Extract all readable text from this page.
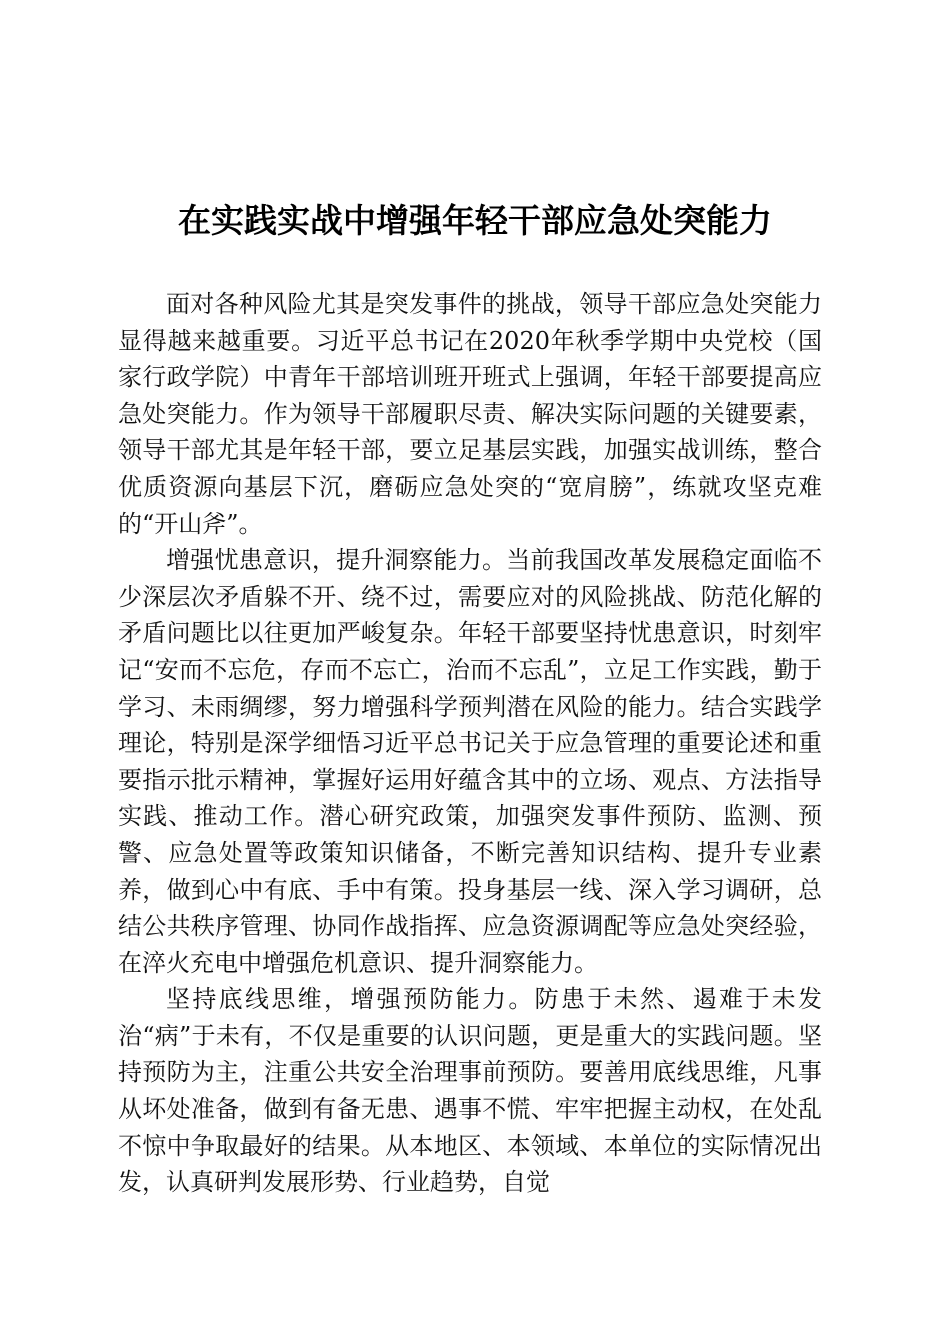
在实践实战中增强年轻干部应急处突能力

面对各种风险尤其是突发事件的挑战，领导干部应急处突能力显得越来越重要。习近平总书记在2020年秋季学期中央党校（国家行政学院）中青年干部培训班开班式上强调，年轻干部要提高应急处突能力。作为领导干部履职尽责、解决实际问题的关键要素，领导干部尤其是年轻干部，要立足基层实践，加强实战训练，整合优质资源向基层下沉，磨砺应急处突的“宽肩膀”，练就攻坚克难的“开山斧”。

增强忧患意识，提升洞察能力。当前我国改革发展稳定面临不少深层次矛盾躲不开、绕不过，需要应对的风险挑战、防范化解的矛盾问题比以往更加严峻复杂。年轻干部要坚持忧患意识，时刻牢记“安而不忘危，存而不忘亡，治而不忘乱”，立足工作实践，勤于学习、未雨绸缪，努力增强科学预判潜在风险的能力。结合实践学理论，特别是深学细悟习近平总书记关于应急管理的重要论述和重要指示批示精神，掌握好运用好蕴含其中的立场、观点、方法指导实践、推动工作。潜心研究政策，加强突发事件预防、监测、预警、应急处置等政策知识储备，不断完善知识结构、提升专业素养，做到心中有底、手中有策。投身基层一线、深入学习调研，总结公共秩序管理、协同作战指挥、应急资源调配等应急处突经验，在淬火充电中增强危机意识、提升洞察能力。

坚持底线思维，增强预防能力。防患于未然、遏难于未发治“病”于未有，不仅是重要的认识问题，更是重大的实践问题。坚持预防为主，注重公共安全治理事前预防。要善用底线思维，凡事从坏处准备，做到有备无患、遇事不慌、牢牢把握主动权，在处乱不惊中争取最好的结果。从本地区、本领域、本单位的实际情况出发，认真研判发展形势、行业趋势，自觉
